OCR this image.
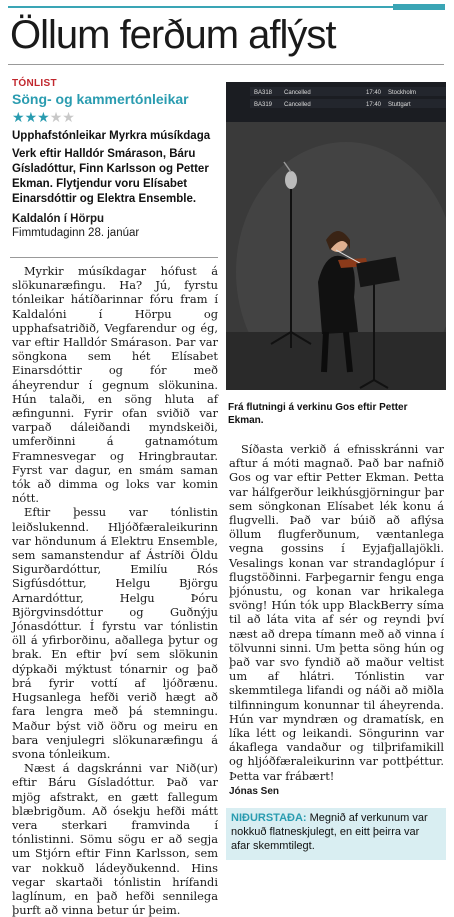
Öllum ferðum aflýst
TÓNLIST
Söng- og kammertónleikar
★★★★★
Upphafstónleikar Myrkra músíkdaga
Verk eftir Halldór Smárason, Báru Gísladóttur, Finn Karlsson og Petter Ekman. Flytjendur voru Elísabet Einarsdóttir og Elektra Ensemble.
Kaldalón í Hörpu
Fimmtudaginn 28. janúar
BA318 Cancelled	17:40 Stockholm
BA319 Cancelled	17:40 Stuttgart
Frá flutningi á verkinu Gos eftir Petter Ekman.

Myrkir músíkdagar hófust á slökunaræfingu. Ha? Jú, fyrstu tónleikar hátíðarinnar fóru fram í Kaldalóni í Hörpu og upphafsatriðið, Vegfarendur og ég, var eftir Halldór Smárason. Þar var söngkona sem hét Elísabet Einarsdóttir og fór með áheyrendur í gegnum slökunina. Hún talaði, en söng hluta af æfingunni. Fyrir ofan sviðið var varpað dáleiðandi myndskeiði, umferðinni á gatnamótum Framnesvegar og Hringbrautar. Fyrst var dagur, en smám saman tók að dimma og loks var komin nótt.

Eftir þessu var tónlistin leiðslukennd. Hljóðfæraleikurinn var höndunum á Elektru Ensemble, sem samanstendur af Ástríði Öldu Sigurðardóttur, Emilíu Rós Sigfúsdóttur, Helgu Björgu Arnardóttur, Helgu Þóru Björgvinsdóttur og Guðnýju Jónasdóttur. Í fyrstu var tónlistin öll á yfirborðinu, aðallega þytur og brak. En eftir því sem slökunin dýpkaði mýktust tónarnir og það brá fyrir vottí af ljóðrænu. Hugsanlega hefði verið hægt að fara lengra með þá stemningu. Maður býst við öðru og meiru en bara venjulegri slökunaræfingu á svona tónleikum.

Næst á dagskránni var Nið(ur) eftir Báru Gísladóttur. Það var mjög afstrakt, en gætt fallegum blæbrigðum. Að ósekju hefði mátt vera sterkari framvinda í tónlistinni. Sömu sögu er að segja um Stjórn eftir Finn Karlsson, sem var nokkuð ládeyðukennd. Hins vegar skartaði tónlistin hrífandi laglínum, en það hefði sennilega þurft að vinna betur úr þeim.

Síðasta verkið á efnisskránni var aftur á móti magnað. Það bar nafnið Gos og var eftir Petter Ekman. Þetta var hálfgerður leikhúsgjörningur þar sem söngkonan Elísabet lék konu á flugvelli. Það var búið að aflýsa öllum flugferðunum, væntanlega vegna gossins í Eyjafjallajökli. Vesalings konan var strandaglópur í flugstöðinni. Farþegarnir fengu enga þjónustu, og konan var hrikalega svöng! Hún tók upp BlackBerry síma til að láta vita af sér og reyndi því næst að drepa tímann með að vinna í tölvunni sinni. Um þetta söng hún og það var svo fyndið að maður veltist um af hlátri. Tónlistin var skemmtilega lifandi og náði að miðla tilfinningum konunnar til áheyrenda. Hún var myndræn og dramatísk, en líka létt og leikandi. Söngurinn var ákaflega vandaður og tilþrifamikill og hljóðfæraleikurinn var pottþéttur. Þetta var frábært!

Jónas Sen
NIÐURSTAÐA: Megnið af verkunum var nokkuð flatneskjulegt, en eitt þeirra var afar skemmtilegt.
